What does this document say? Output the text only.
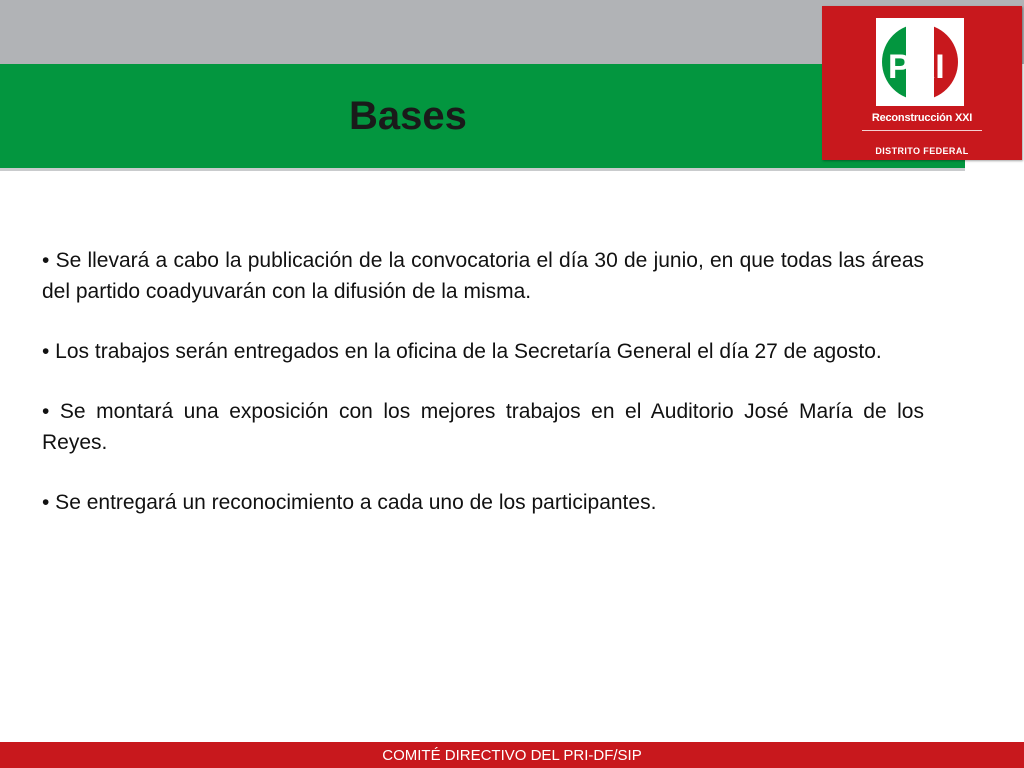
Bases
PRI
Reconstrucción XXI
DISTRITO FEDERAL

• Se llevará a cabo la publicación de la convocatoria el día 30 de junio, en que todas las áreas del partido coadyuvarán con la difusión de la misma.

• Los trabajos serán entregados en la oficina de la Secretaría General el día 27 de agosto.

• Se montará una exposición con los mejores trabajos en el Auditorio José María de los Reyes.

• Se entregará un reconocimiento a cada uno de los participantes.

COMITÉ DIRECTIVO DEL PRI-DF/SIP
